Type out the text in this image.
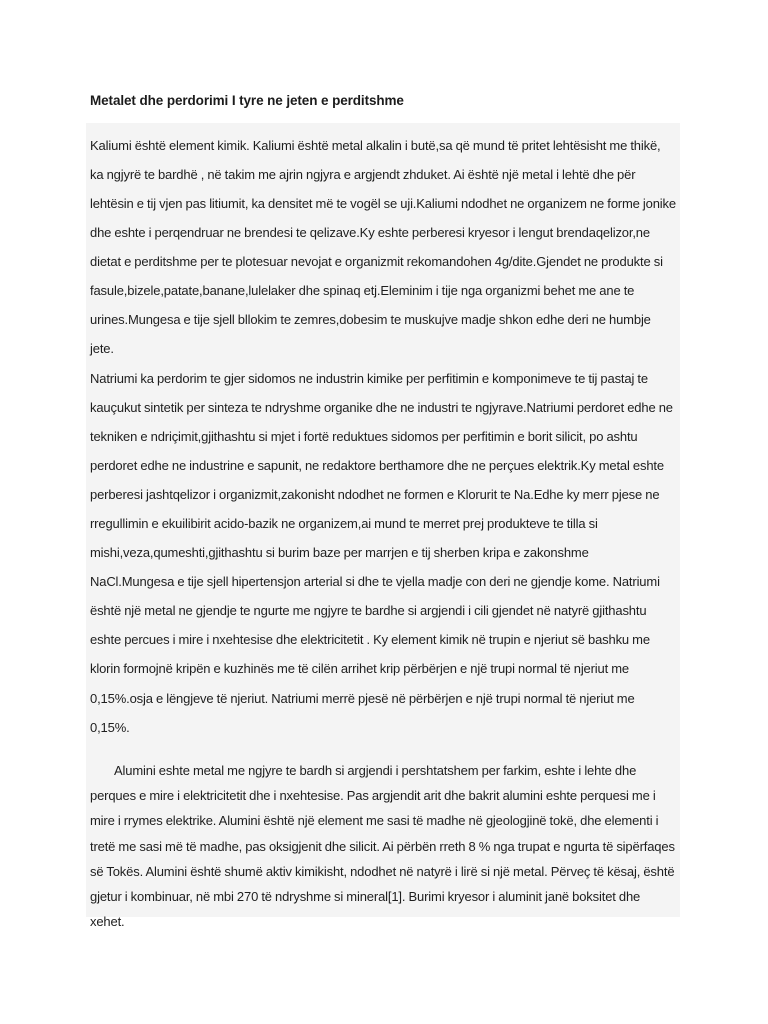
Metalet dhe perdorimi I tyre ne jeten e perditshme

Kaliumi është element kimik. Kaliumi është metal alkalin i butë,sa që mund të pritet lehtësisht me thikë, ka ngjyrë te bardhë , në takim me ajrin ngjyra e argjendt zhduket. Ai është një metal i lehtë dhe për lehtësin e tij vjen pas litiumit, ka densitet më te vogël se uji.Kaliumi ndodhet ne organizem ne forme jonike dhe eshte i perqendruar ne brendesi te qelizave.Ky eshte perberesi kryesor i lengut brendaqelizor,ne dietat e perditshme per te plotesuar nevojat e organizmit rekomandohen 4g/dite.Gjendet ne produkte si fasule,bizele,patate,banane,lulelaker dhe spinaq etj.Eleminim i tije nga organizmi behet me ane te urines.Mungesa e tije sjell bllokim te zemres,dobesim te muskujve madje shkon edhe deri ne humbje jete.

Natriumi ka perdorim te gjer sidomos ne industrin kimike per perfitimin e komponimeve te tij pastaj te kauçukut sintetik per sinteza te ndryshme organike dhe ne industri te ngjyrave.Natriumi perdoret edhe ne tekniken e ndriçimit,gjithashtu si mjet i fortë reduktues sidomos per perfitimin e borit silicit, po ashtu perdoret edhe ne industrine e sapunit, ne redaktore berthamore dhe ne perçues elektrik.Ky metal eshte perberesi jashtqelizor i organizmit,zakonisht ndodhet ne formen e Klorurit te Na.Edhe ky merr pjese ne rregullimin e ekuilibirit acido-bazik ne organizem,ai mund te merret prej produkteve te tilla si mishi,veza,qumeshti,gjithashtu si burim baze per marrjen e tij sherben kripa e zakonshme NaCl.Mungesa e tije sjell hipertensjon arterial si dhe te vjella madje con deri ne gjendje kome. Natriumi është një metal ne gjendje te ngurte me ngjyre te bardhe si argjendi i cili gjendet në natyrë gjithashtu eshte percues i mire i nxehtesise dhe elektricitetit . Ky element kimik në trupin e njeriut së bashku me klorin formojnë kripën e kuzhinës me të cilën arrihet krip përbërjen e një trupi normal të njeriut me 0,15%.osja e lëngjeve të njeriut. Natriumi merrë pjesë në përbërjen e një trupi normal të njeriut me 0,15%.

Alumini eshte metal me ngjyre te bardh si argjendi i pershtatshem per farkim, eshte i lehte dhe perques e mire i elektricitetit dhe i nxehtesise. Pas argjendit arit dhe bakrit alumini eshte perquesi me i mire i rrymes elektrike. Alumini është një element me sasi të madhe në gjeologjinë tokë, dhe elementi i tretë me sasi më të madhe, pas oksigjenit dhe silicit. Ai përbën rreth 8 % nga trupat e ngurta të sipërfaqes së Tokës. Alumini është shumë aktiv kimikisht, ndodhet në natyrë i lirë si një metal. Përveç të kësaj, është gjetur i kombinuar, në mbi 270 të ndryshme si mineral[1]. Burimi kryesor i aluminit janë boksitet dhe xehet.
